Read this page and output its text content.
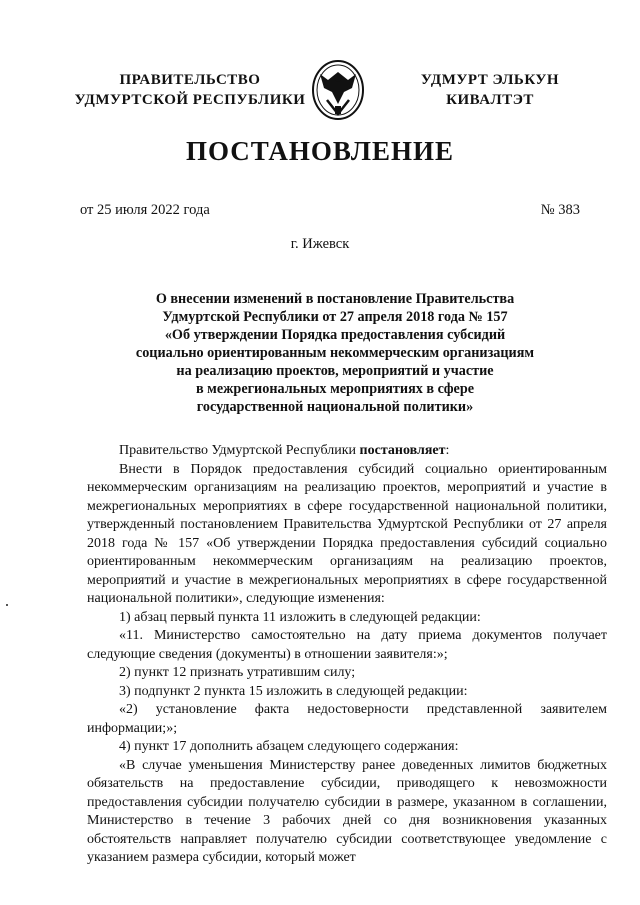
ПРАВИТЕЛЬСТВО
УДМУРТСКОЙ РЕСПУБЛИКИ
УДМУРТ ЭЛЬКУН
КИВАЛТЭТ
ПОСТАНОВЛЕНИЕ
от 25 июля 2022 года	№ 383
г. Ижевск
О внесении изменений в постановление Правительства
Удмуртской Республики от 27 апреля 2018 года № 157
«Об утверждении Порядка предоставления субсидий
социально ориентированным некоммерческим организациям
на реализацию проектов, мероприятий и участие
в межрегиональных мероприятиях в сфере
государственной национальной политики»

Правительство Удмуртской Республики постановляет:

Внести в Порядок предоставления субсидий социально ориентированным некоммерческим организациям на реализацию проектов, мероприятий и участие в межрегиональных мероприятиях в сфере государственной национальной политики, утвержденный постановлением Правительства Удмуртской Республики от 27 апреля 2018 года № 157 «Об утверждении Порядка предоставления субсидий социально ориентированным некоммерческим организациям на реализацию проектов, мероприятий и участие в межрегиональных мероприятиях в сфере государственной национальной политики», следующие изменения:

1) абзац первый пункта 11 изложить в следующей редакции:

«11. Министерство самостоятельно на дату приема документов получает следующие сведения (документы) в отношении заявителя:»;

2) пункт 12 признать утратившим силу;

3) подпункт 2 пункта 15 изложить в следующей редакции:

«2) установление факта недостоверности представленной заявителем информации;»;

4) пункт 17 дополнить абзацем следующего содержания:

«В случае уменьшения Министерству ранее доведенных лимитов бюджетных обязательств на предоставление субсидии, приводящего к невозможности предоставления субсидии получателю субсидии в размере, указанном в соглашении, Министерство в течение 3 рабочих дней со дня возникновения указанных обстоятельств направляет получателю субсидии соответствующее уведомление с указанием размера субсидии, который может
